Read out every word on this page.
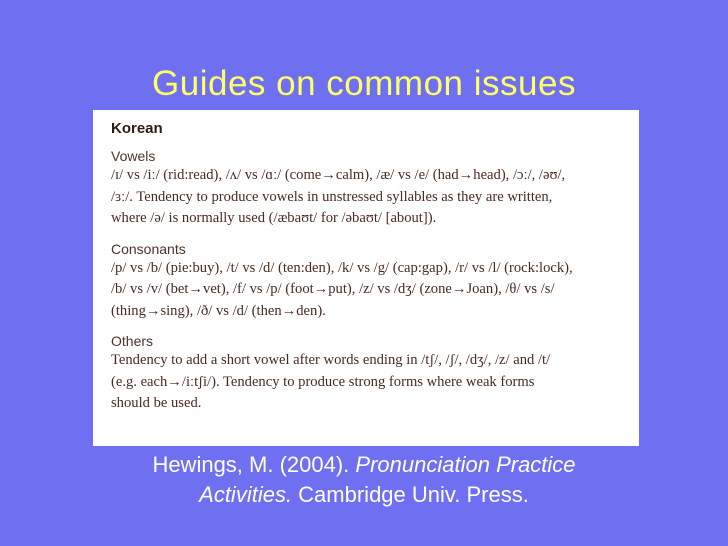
Guides on common issues
Korean
Vowels
/ɪ/ vs /iː/ (rid:read), /ʌ/ vs /ɑː/ (come→calm), /æ/ vs /e/ (had→head), /ɔː/, /əʊ/,
/ɜː/. Tendency to produce vowels in unstressed syllables as they are written,
where /ə/ is normally used (/æbaʊt/ for /əbaʊt/ [about]).
Consonants
/p/ vs /b/ (pie:buy), /t/ vs /d/ (ten:den), /k/ vs /g/ (cap:gap), /r/ vs /l/ (rock:lock),
/b/ vs /v/ (bet→vet), /f/ vs /p/ (foot→put), /z/ vs /dʒ/ (zone→Joan), /θ/ vs /s/
(thing→sing), /ð/ vs /d/ (then→den).
Others
Tendency to add a short vowel after words ending in /tʃ/, /ʃ/, /dʒ/, /z/ and /t/
(e.g. each→/iːtʃi/). Tendency to produce strong forms where weak forms
should be used.
Hewings, M. (2004). Pronunciation Practice
Activities. Cambridge Univ. Press.
